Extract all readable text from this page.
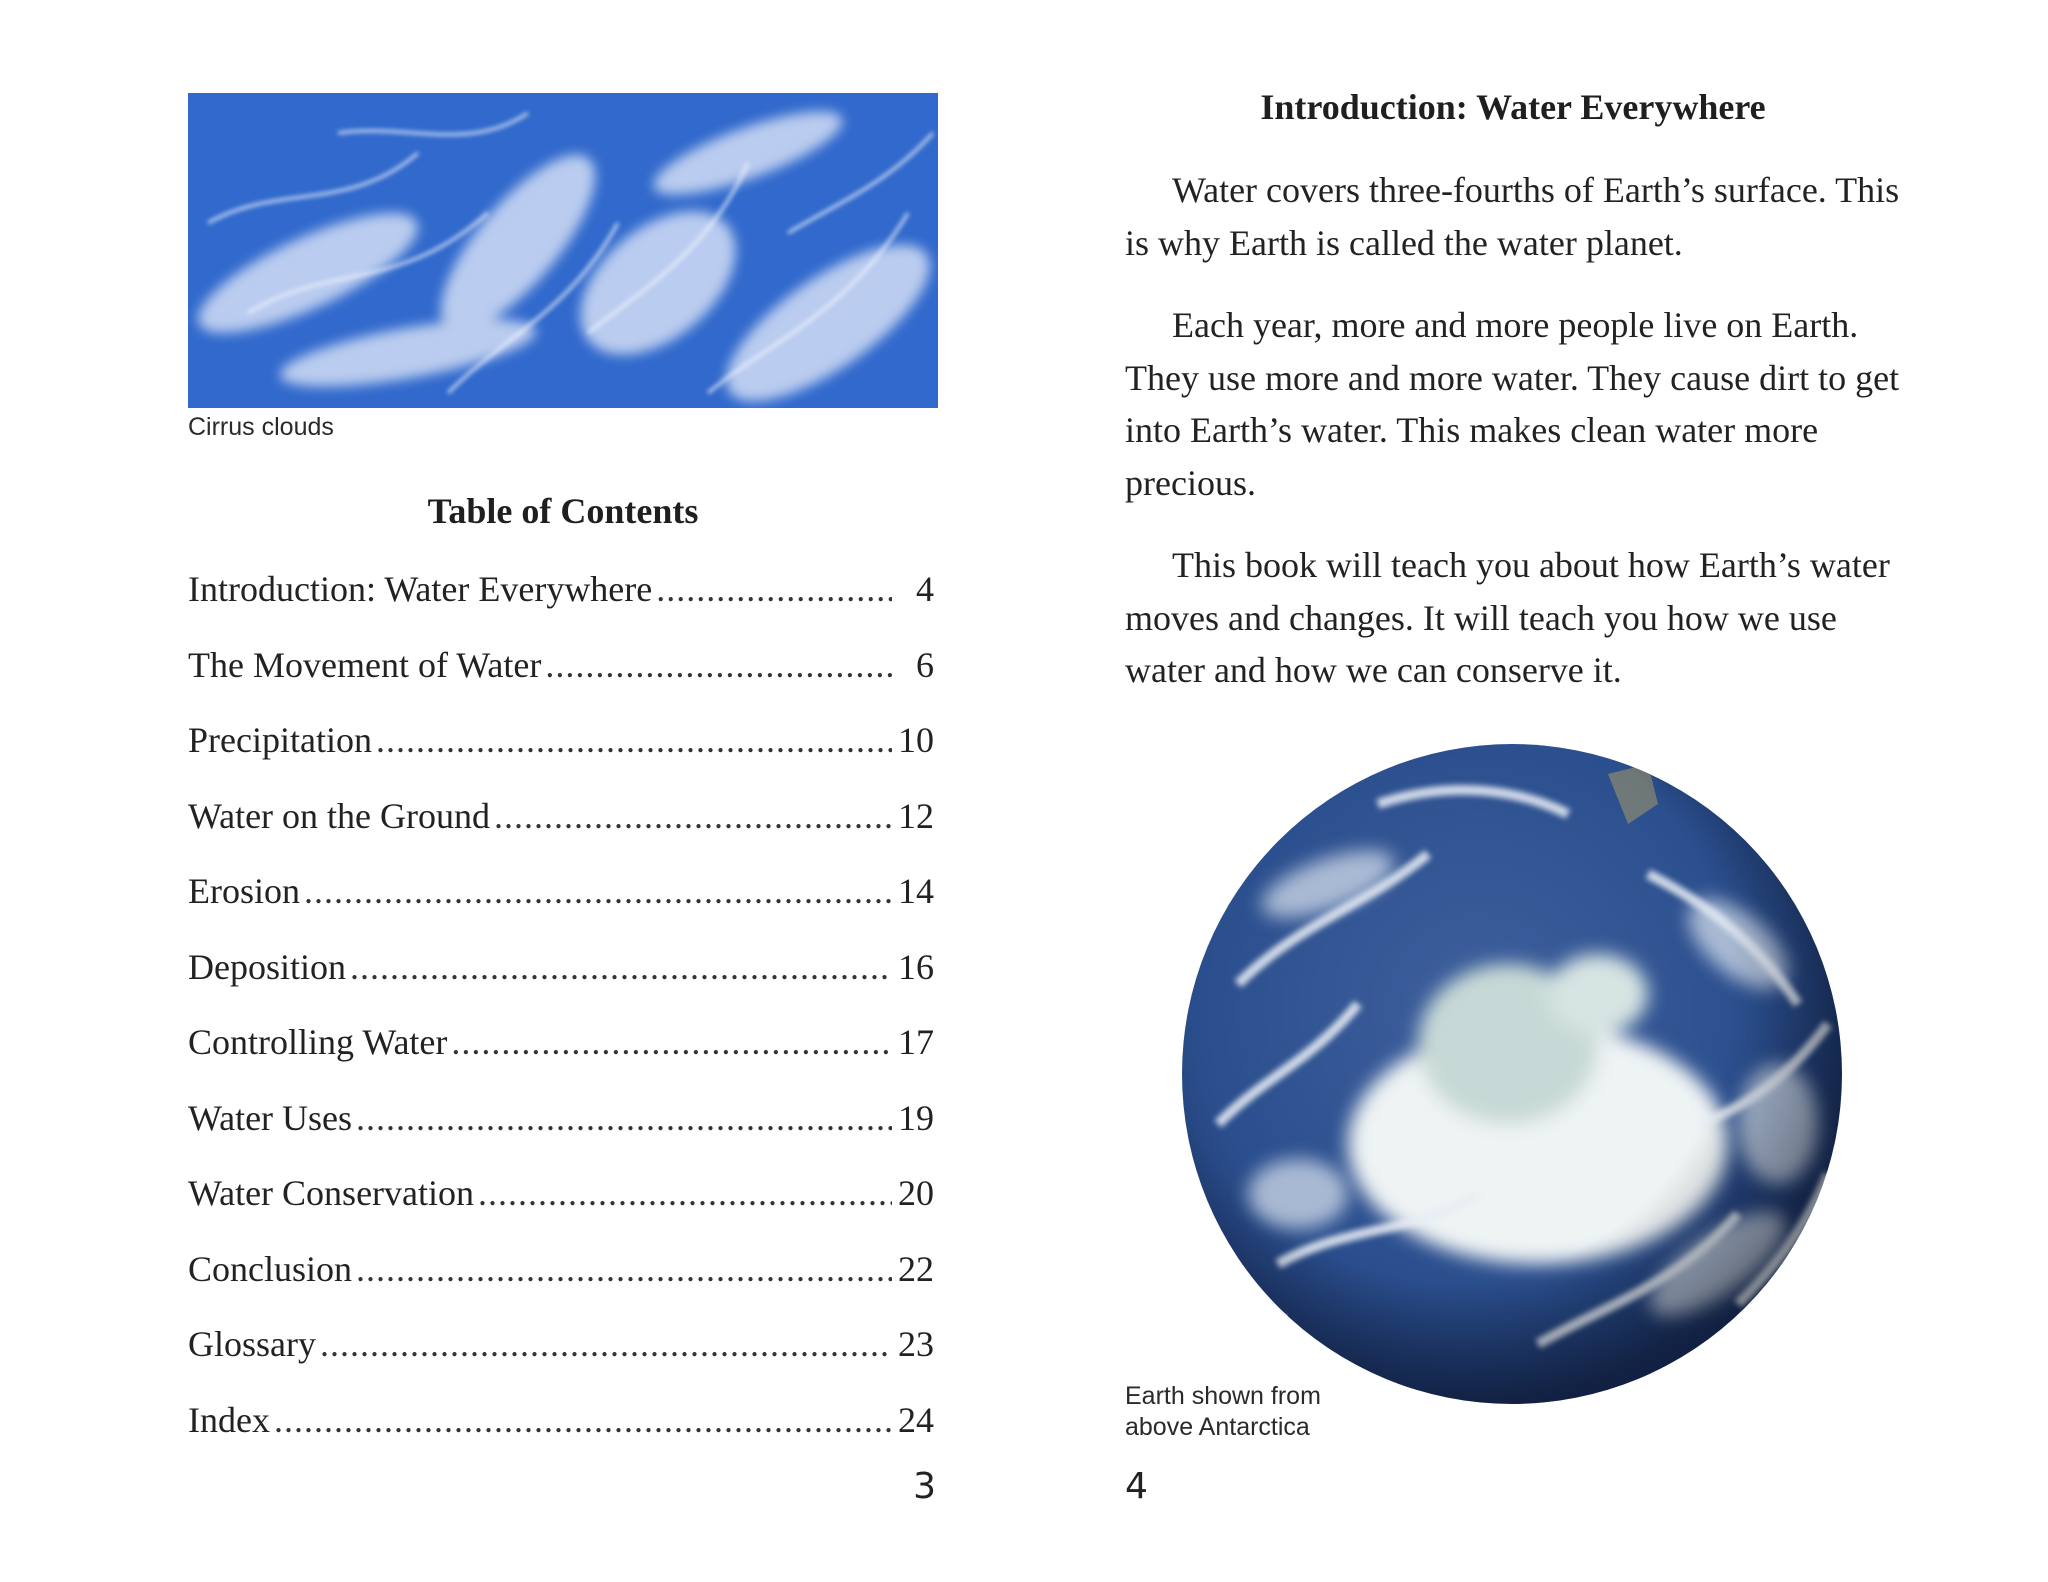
Cirrus clouds
Table of Contents
Introduction: Water Everywhere .....	4
The Movement of Water .....	6
Precipitation .....	10
Water on the Ground .....	12
Erosion .....	14
Deposition .....	16
Controlling Water .....	17
Water Uses .....	19
Water Conservation .....	20
Conclusion .....	22
Glossary .....	23
Index .....	24
3
Introduction: Water Everywhere

Water covers three-fourths of Earth’s surface. This is why Earth is called the water planet.

Each year, more and more people live on Earth. They use more and more water. They cause dirt to get into Earth’s water. This makes clean water more precious.

This book will teach you about how Earth’s water moves and changes. It will teach you how we use water and how we can conserve it.

Earth shown from
above Antarctica
4
